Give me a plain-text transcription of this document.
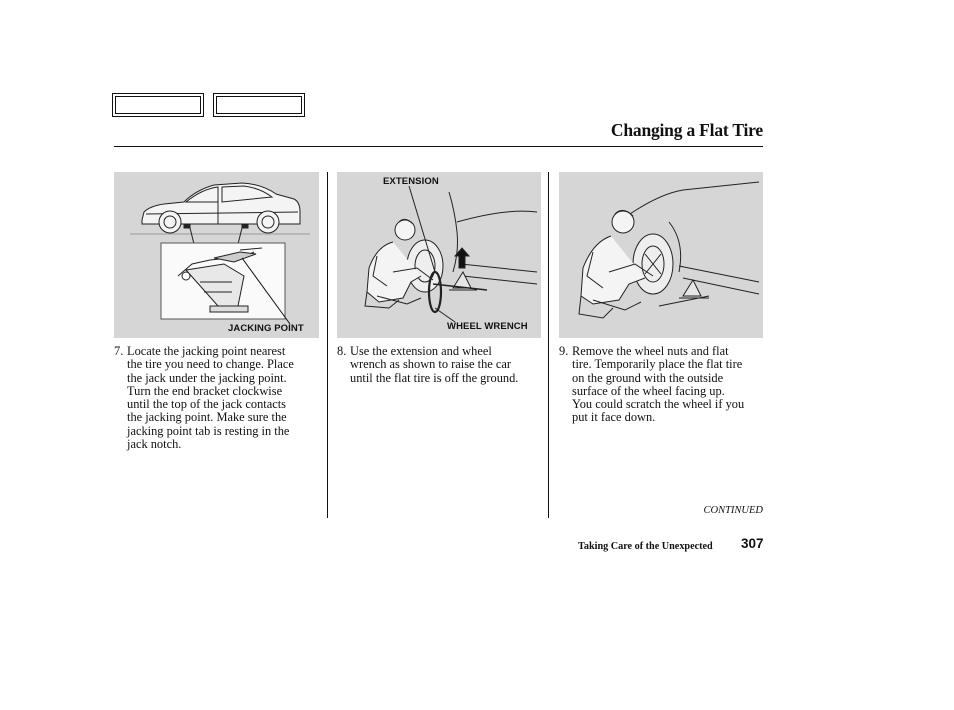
Changing a Flat Tire
JACKING POINT
EXTENSION
WHEEL WRENCH
7. Locate the jacking point nearest
the tire you need to change. Place
the jack under the jacking point.
Turn the end bracket clockwise
until the top of the jack contacts
the jacking point. Make sure the
jacking point tab is resting in the
jack notch.
8. Use the extension and wheel
wrench as shown to raise the car
until the flat tire is off the ground.
9. Remove the wheel nuts and flat
tire. Temporarily place the flat tire
on the ground with the outside
surface of the wheel facing up.
You could scratch the wheel if you
put it face down.
CONTINUED
Taking Care of the Unexpected 307
